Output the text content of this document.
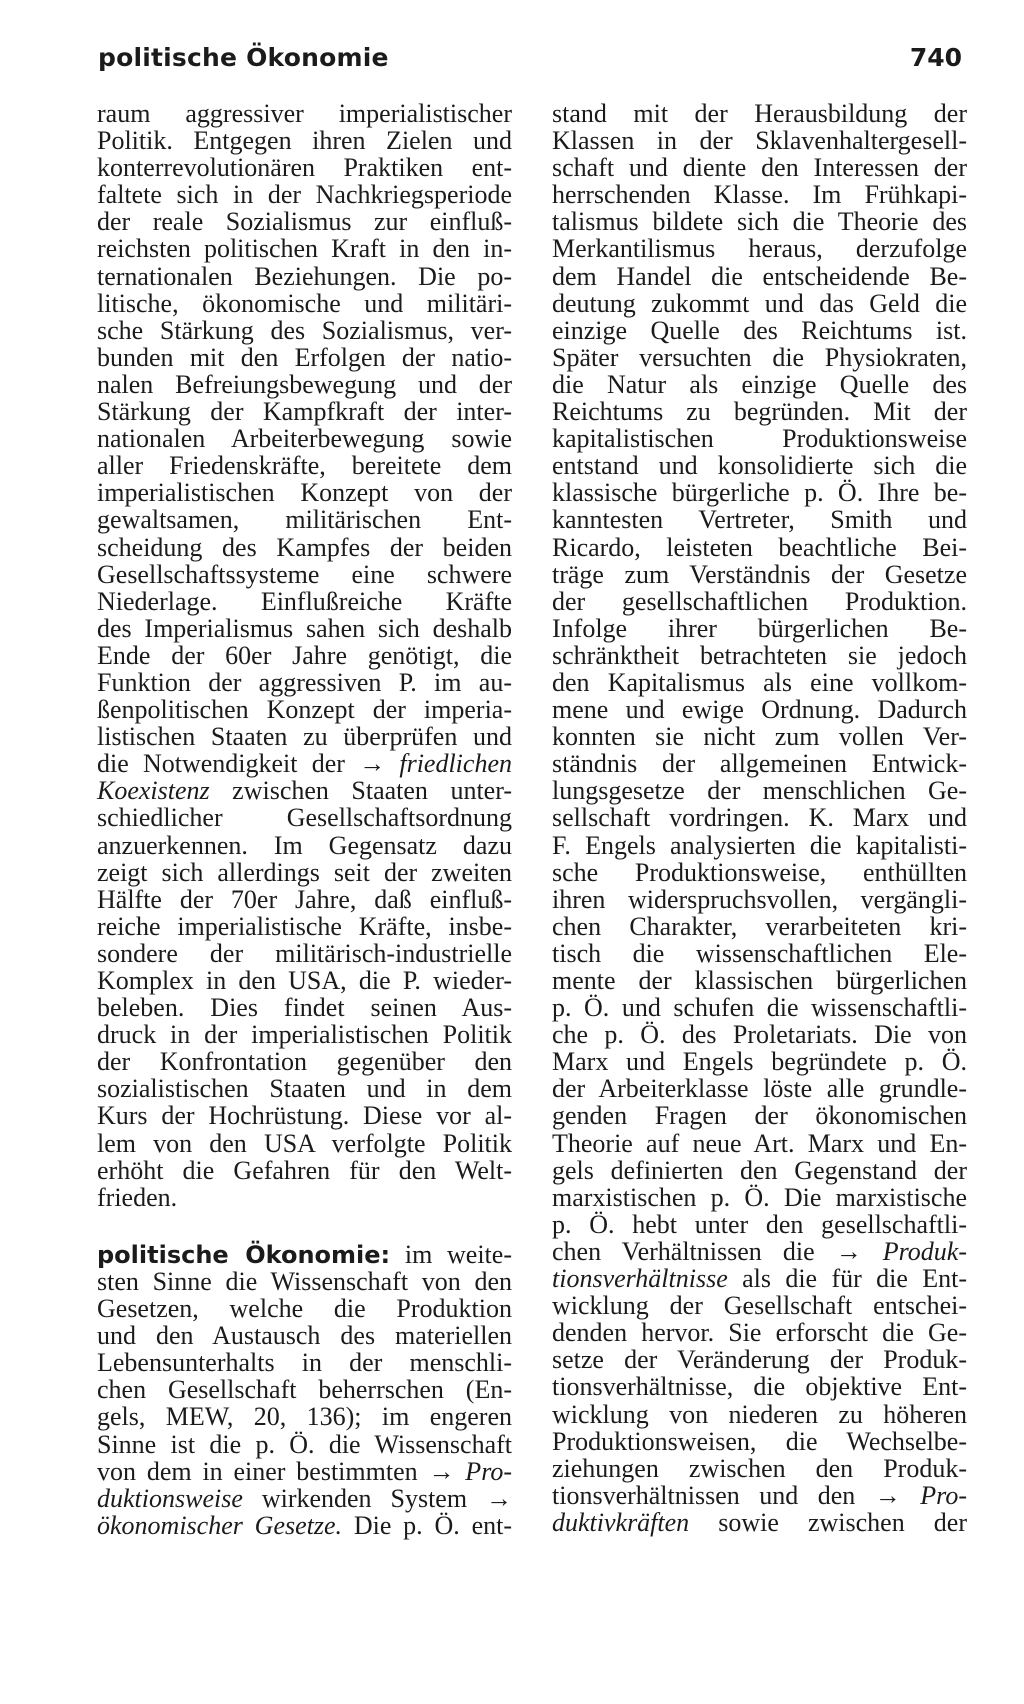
politische Ökonomie	740
raum aggressiver imperialistischer
Politik. Entgegen ihren Zielen und
konterrevolutionären Praktiken ent-
faltete sich in der Nachkriegsperiode
der reale Sozialismus zur einfluß-
reichsten politischen Kraft in den in-
ternationalen Beziehungen. Die po-
litische, ökonomische und militäri-
sche Stärkung des Sozialismus, ver-
bunden mit den Erfolgen der natio-
nalen Befreiungsbewegung und der
Stärkung der Kampfkraft der inter-
nationalen Arbeiterbewegung sowie
aller Friedenskräfte, bereitete dem
imperialistischen Konzept von der
gewaltsamen, militärischen Ent-
scheidung des Kampfes der beiden
Gesellschaftssysteme eine schwere
Niederlage. Einflußreiche Kräfte
des Imperialismus sahen sich deshalb
Ende der 60er Jahre genötigt, die
Funktion der aggressiven P. im au-
ßenpolitischen Konzept der imperia-
listischen Staaten zu überprüfen und
die Notwendigkeit der → friedlichen
Koexistenz zwischen Staaten unter-
schiedlicher Gesellschaftsordnung
anzuerkennen. Im Gegensatz dazu
zeigt sich allerdings seit der zweiten
Hälfte der 70er Jahre, daß einfluß-
reiche imperialistische Kräfte, insbe-
sondere der militärisch-industrielle
Komplex in den USA, die P. wieder-
beleben. Dies findet seinen Aus-
druck in der imperialistischen Politik
der Konfrontation gegenüber den
sozialistischen Staaten und in dem
Kurs der Hochrüstung. Diese vor al-
lem von den USA verfolgte Politik
erhöht die Gefahren für den Welt-
frieden.
politische Ökonomie: im weite-
sten Sinne die Wissenschaft von den
Gesetzen, welche die Produktion
und den Austausch des materiellen
Lebensunterhalts in der menschli-
chen Gesellschaft beherrschen (En-
gels, MEW, 20, 136); im engeren
Sinne ist die p. Ö. die Wissenschaft
von dem in einer bestimmten → Pro-
duktionsweise wirkenden System →
ökonomischer Gesetze. Die p. Ö. ent-
stand mit der Herausbildung der
Klassen in der Sklavenhaltergesell-
schaft und diente den Interessen der
herrschenden Klasse. Im Frühkapi-
talismus bildete sich die Theorie des
Merkantilismus heraus, derzufolge
dem Handel die entscheidende Be-
deutung zukommt und das Geld die
einzige Quelle des Reichtums ist.
Später versuchten die Physiokraten,
die Natur als einzige Quelle des
Reichtums zu begründen. Mit der
kapitalistischen Produktionsweise
entstand und konsolidierte sich die
klassische bürgerliche p. Ö. Ihre be-
kanntesten Vertreter, Smith und
Ricardo, leisteten beachtliche Bei-
träge zum Verständnis der Gesetze
der gesellschaftlichen Produktion.
Infolge ihrer bürgerlichen Be-
schränktheit betrachteten sie jedoch
den Kapitalismus als eine vollkom-
mene und ewige Ordnung. Dadurch
konnten sie nicht zum vollen Ver-
ständnis der allgemeinen Entwick-
lungsgesetze der menschlichen Ge-
sellschaft vordringen. K. Marx und
F. Engels analysierten die kapitalisti-
sche Produktionsweise, enthüllten
ihren widerspruchsvollen, vergängli-
chen Charakter, verarbeiteten kri-
tisch die wissenschaftlichen Ele-
mente der klassischen bürgerlichen
p. Ö. und schufen die wissenschaftli-
che p. Ö. des Proletariats. Die von
Marx und Engels begründete p. Ö.
der Arbeiterklasse löste alle grundle-
genden Fragen der ökonomischen
Theorie auf neue Art. Marx und En-
gels definierten den Gegenstand der
marxistischen p. Ö. Die marxistische
p. Ö. hebt unter den gesellschaftli-
chen Verhältnissen die → Produk-
tionsverhältnisse als die für die Ent-
wicklung der Gesellschaft entschei-
denden hervor. Sie erforscht die Ge-
setze der Veränderung der Produk-
tionsverhältnisse, die objektive Ent-
wicklung von niederen zu höheren
Produktionsweisen, die Wechselbe-
ziehungen zwischen den Produk-
tionsverhältnissen und den → Pro-
duktivkräften sowie zwischen der
